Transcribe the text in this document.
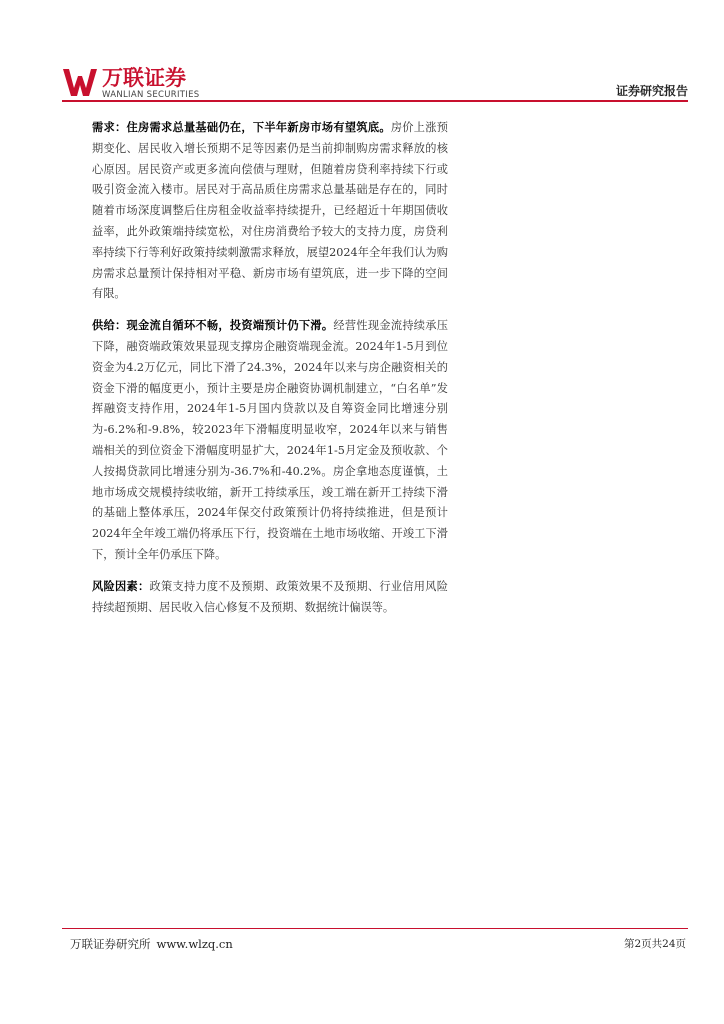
万联证券
WANLIAN SECURITIES	证券研究报告

需求：住房需求总量基础仍在，下半年新房市场有望筑底。房价上涨预期变化、居民收入增长预期不足等因素仍是当前抑制购房需求释放的核心原因。居民资产或更多流向偿债与理财，但随着房贷利率持续下行或吸引资金流入楼市。居民对于高品质住房需求总量基础是存在的，同时随着市场深度调整后住房租金收益率持续提升，已经超近十年期国债收益率，此外政策端持续宽松，对住房消费给予较大的支持力度，房贷利率持续下行等利好政策持续刺激需求释放，展望2024年全年我们认为购房需求总量预计保持相对平稳、新房市场有望筑底，进一步下降的空间有限。

供给：现金流自循环不畅，投资端预计仍下滑。经营性现金流持续承压下降，融资端政策效果显现支撑房企融资端现金流。2024年1-5月到位资金为4.2万亿元，同比下滑了24.3%，2024年以来与房企融资相关的资金下滑的幅度更小，预计主要是房企融资协调机制建立，“白名单”发挥融资支持作用，2024年1-5月国内贷款以及自筹资金同比增速分别为-6.2%和-9.8%，较2023年下滑幅度明显收窄，2024年以来与销售端相关的到位资金下滑幅度明显扩大，2024年1-5月定金及预收款、个人按揭贷款同比增速分别为-36.7%和-40.2%。房企拿地态度谨慎，土地市场成交规模持续收缩，新开工持续承压，竣工端在新开工持续下滑的基础上整体承压，2024年保交付政策预计仍将持续推进，但是预计2024年全年竣工端仍将承压下行，投资端在土地市场收缩、开竣工下滑下，预计全年仍承压下降。

风险因素：政策支持力度不及预期、政策效果不及预期、行业信用风险持续超预期、居民收入信心修复不及预期、数据统计偏误等。

万联证券研究所 www.wlzq.cn	第2页共24页
